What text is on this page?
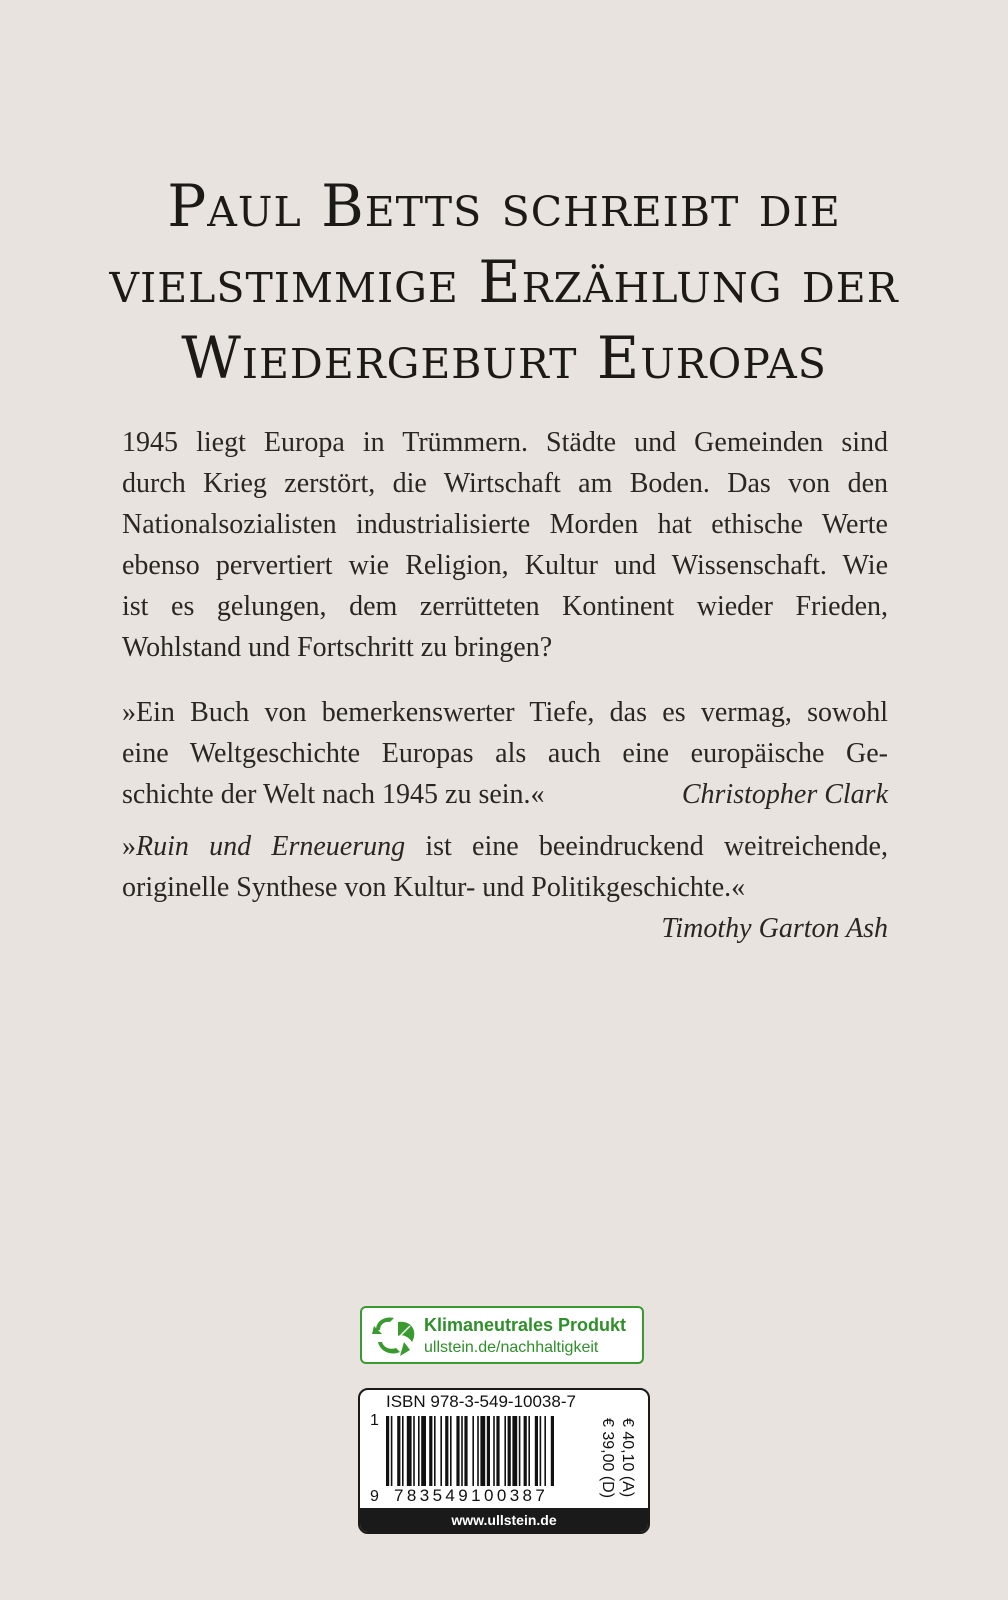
Paul Betts schreibt die
vielstimmige Erzählung der
Wiedergeburt Europas
1945 liegt Europa in Trümmern. Städte und Gemeinden sind
durch Krieg zerstört, die Wirtschaft am Boden. Das von den
Nationalsozialisten industrialisierte Morden hat ethische Werte
ebenso pervertiert wie Religion, Kultur und Wissenschaft. Wie
ist es gelungen, dem zerrütteten Kontinent wieder Frieden,
Wohlstand und Fortschritt zu bringen?
»Ein Buch von bemerkenswerter Tiefe, das es vermag, sowohl
eine Weltgeschichte Europas als auch eine europäische Ge-
schichte der Welt nach 1945 zu sein.«	Christopher Clark
»Ruin und Erneuerung ist eine beeindruckend weitreichende,
originelle Synthese von Kultur- und Politikgeschichte.«
Timothy Garton Ash
Klimaneutrales Produkt
ullstein.de/nachhaltigkeit
ISBN 978-3-549-10038-7
1
9 783549100387	€ 39,00 (D) € 40,10 (A)
www.ullstein.de
